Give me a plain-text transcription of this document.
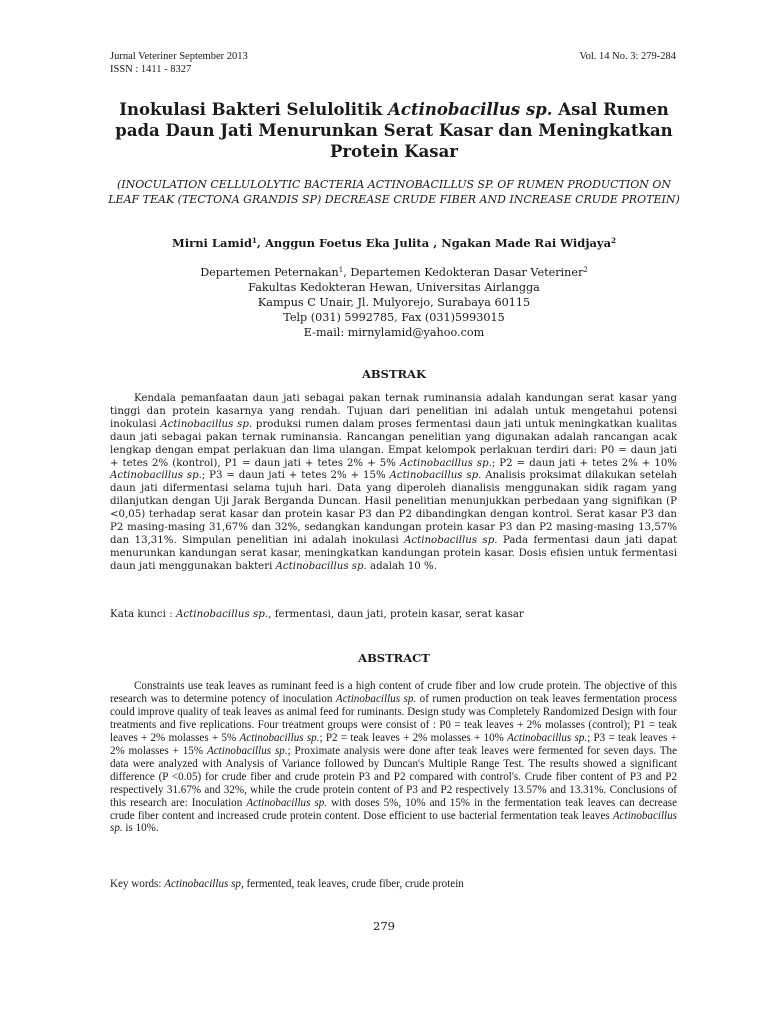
Jurnal Veteriner September 2013
ISSN : 1411 - 8327
Vol. 14 No. 3: 279-284
Inokulasi Bakteri Selulolitik Actinobacillus sp. Asal Rumen pada Daun Jati Menurunkan Serat Kasar dan Meningkatkan Protein Kasar

(INOCULATION CELLULOLYTIC BACTERIA ACTINOBACILLUS SP. OF RUMEN PRODUCTION ON LEAF TEAK (TECTONA GRANDIS SP) DECREASE CRUDE FIBER AND INCREASE CRUDE PROTEIN)

Mirni Lamid$^1$, Anggun Foetus Eka Julita , Ngakan Made Rai Widjaya$^2$
Departemen Peternakan$^1$, Departemen Kedokteran Dasar Veteriner$^2$
Fakultas Kedokteran Hewan, Universitas Airlangga
Kampus C Unair, Jl. Mulyorejo, Surabaya 60115
Telp (031) 5992785, Fax (031)5993015
E-mail: mirnylamid@yahoo.com
ABSTRAK

Kendala pemanfaatan daun jati sebagai pakan ternak ruminansia adalah kandungan serat kasar yang tinggi dan protein kasarnya yang rendah. Tujuan dari penelitian ini adalah untuk mengetahui potensi inokulasi Actinobacillus sp. produksi rumen dalam proses fermentasi daun jati untuk meningkatkan kualitas daun jati sebagai pakan ternak ruminansia. Rancangan penelitian yang digunakan adalah rancangan acak lengkap dengan empat perlakuan dan lima ulangan. Empat kelompok perlakuan terdiri dari: P0 = daun jati + tetes 2% (kontrol), P1 = daun jati + tetes 2% + 5% Actinobacillus sp.; P2 = daun jati + tetes 2% + 10% Actinobacillus sp.; P3 = daun jati + tetes 2% + 15% Actinobacillus sp. Analisis proksimat dilakukan setelah daun jati difermentasi selama tujuh hari. Data yang diperoleh dianalisis menggunakan sidik ragam yang dilanjutkan dengan Uji Jarak Berganda Duncan. Hasil penelitian menunjukkan perbedaan yang signifikan (P <0,05) terhadap serat kasar dan protein kasar P3 dan P2 dibandingkan dengan kontrol. Serat kasar P3 dan P2 masing-masing 31,67% dan 32%, sedangkan kandungan protein kasar P3 dan P2 masing-masing 13,57% dan 13,31%. Simpulan penelitian ini adalah inokulasi Actinobacillus sp. Pada fermentasi daun jati dapat menurunkan kandungan serat kasar, meningkatkan kandungan protein kasar. Dosis efisien untuk fermentasi daun jati menggunakan bakteri Actinobacillus sp. adalah 10 %.

Kata kunci : Actinobacillus sp., fermentasi, daun jati, protein kasar, serat kasar
ABSTRACT

Constraints use teak leaves as ruminant feed is a high content of crude fiber and low crude protein. The objective of this research was to determine potency of inoculation Actinobacillus sp. of rumen production on teak leaves fermentation process could improve quality of teak leaves as animal feed for ruminants. Design study was Completely Randomized Design with four treatments and five replications. Four treatment groups were consist of : P0 = teak leaves + 2% molasses (control); P1 = teak leaves + 2% molasses + 5% Actinobacillus sp.; P2 = teak leaves + 2% molasses + 10% Actinobacillus sp.; P3 = teak leaves + 2% molasses + 15% Actinobacillus sp.; Proximate analysis were done after teak leaves were fermented for seven days. The data were analyzed with Analysis of Variance followed by Duncan's Multiple Range Test. The results showed a significant difference (P <0.05) for crude fiber and crude protein P3 and P2 compared with control's. Crude fiber content of P3 and P2 respectively 31.67% and 32%, while the crude protein content of P3 and P2 respectively 13.57% and 13.31%. Conclusions of this research are: Inoculation Actinobacillus sp. with doses 5%, 10% and 15% in the fermentation teak leaves can decrease crude fiber content and increased crude protein content. Dose efficient to use bacterial fermentation teak leaves Actinobacillus sp. is 10%.

Key words: Actinobacillus sp, fermented, teak leaves, crude fiber, crude protein
279
